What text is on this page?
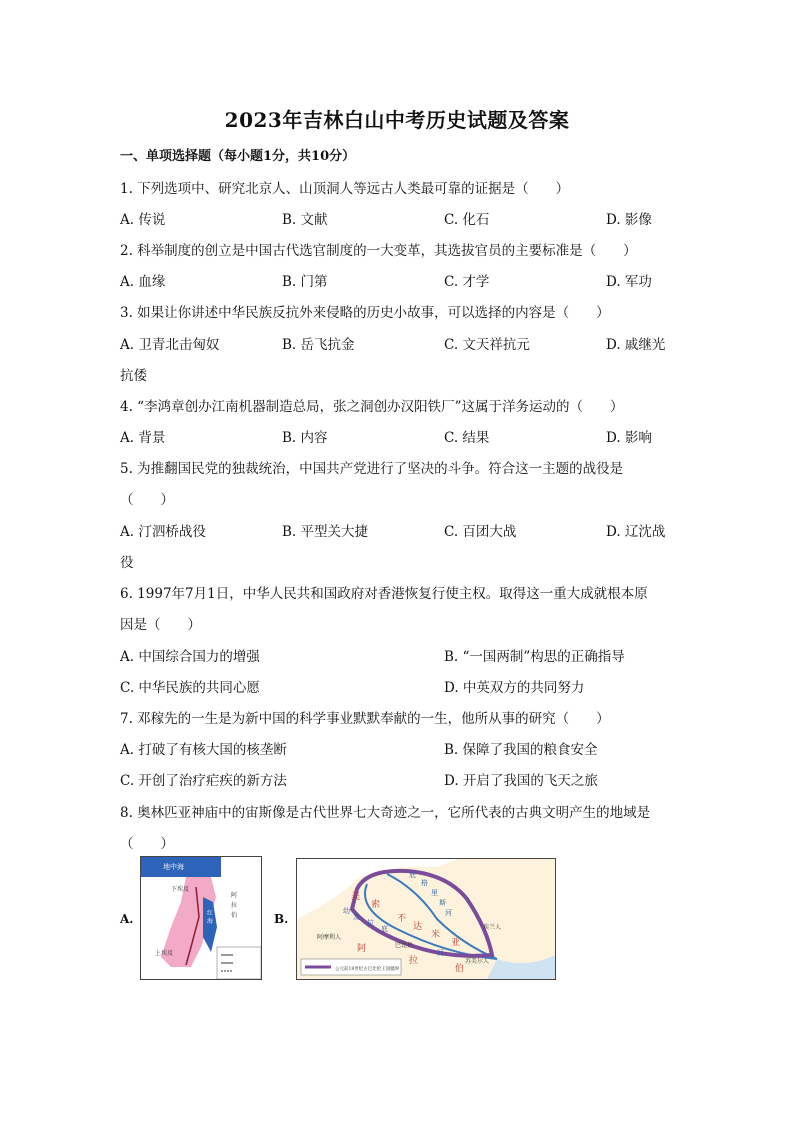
2023年吉林白山中考历史试题及答案
一、单项选择题（每小题1分，共10分）
1. 下列选项中、研究北京人、山顶洞人等远古人类最可靠的证据是（　　）
A. 传说	B. 文献	C. 化石	D. 影像
2. 科举制度的创立是中国古代选官制度的一大变革，其选拔官员的主要标准是（　　）
A. 血缘	B. 门第	C. 才学	D. 军功
3. 如果让你讲述中华民族反抗外来侵略的历史小故事，可以选择的内容是（　　）
A. 卫青北击匈奴	B. 岳飞抗金	C. 文天祥抗元	D. 戚继光
抗倭
4. “李鸿章创办江南机器制造总局，张之洞创办汉阳铁厂”这属于洋务运动的（　　）
A. 背景	B. 内容	C. 结果	D. 影响
5. 为推翻国民党的独裁统治，中国共产党进行了坚决的斗争。符合这一主题的战役是
（　　）
A. 汀泗桥战役	B. 平型关大捷	C. 百团大战	D. 辽沈战
役
6. 1997年7月1日，中华人民共和国政府对香港恢复行使主权。取得这一重大成就根本原
因是（　　）
A. 中国综合国力的增强	B. “一国两制”构思的正确指导
C. 中华民族的共同心愿	D. 中英双方的共同努力
7. 邓稼先的一生是为新中国的科学事业默默奉献的一生，他所从事的研究（　　）
A. 打破了有核大国的核垄断	B. 保障了我国的粮食安全
C. 开创了治疗疟疾的新方法	D. 开启了我国的飞天之旅
8. 奥林匹亚神庙中的宙斯像是古代世界七大奇迹之一，它所代表的古典文明产生的地域是
（　　）
A.
地中海
红
海
阿
拉
伯
上埃及
下埃及
B.
美
索
不
达
米
亚
底
格
里
斯
河
幼
发
拉
底
河
阿
拉
伯
阿摩利人
巴比伦
埃兰人
苏美尔人
公元前18世纪古巴比伦王国疆界
